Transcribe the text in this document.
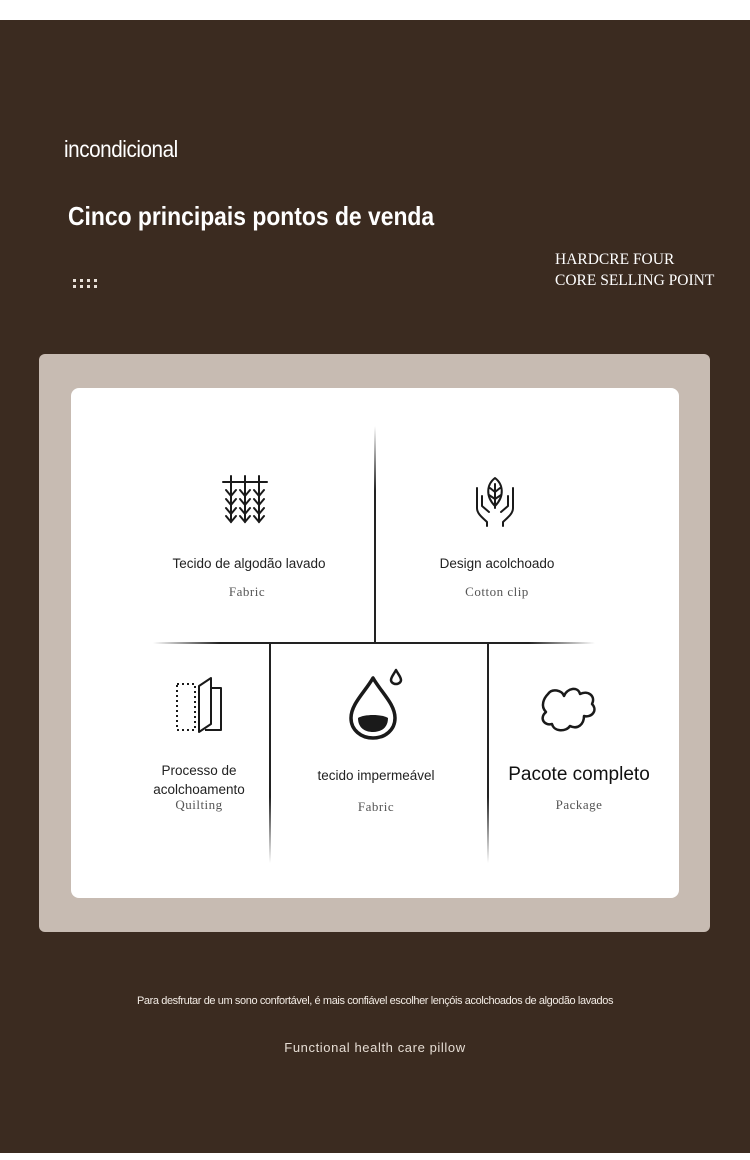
incondicional
Cinco principais pontos de venda
HARDCRE FOUR
CORE SELLING POINT
Tecido de algodão lavado
Fabric
Design acolchoado
Cotton clip
Processo de
acolchoamento
Quilting
tecido impermeável
Fabric
Pacote completo
Package
Para desfrutar de um sono confortável, é mais confiável escolher lençóis acolchoados de algodão lavados
Functional health care pillow
